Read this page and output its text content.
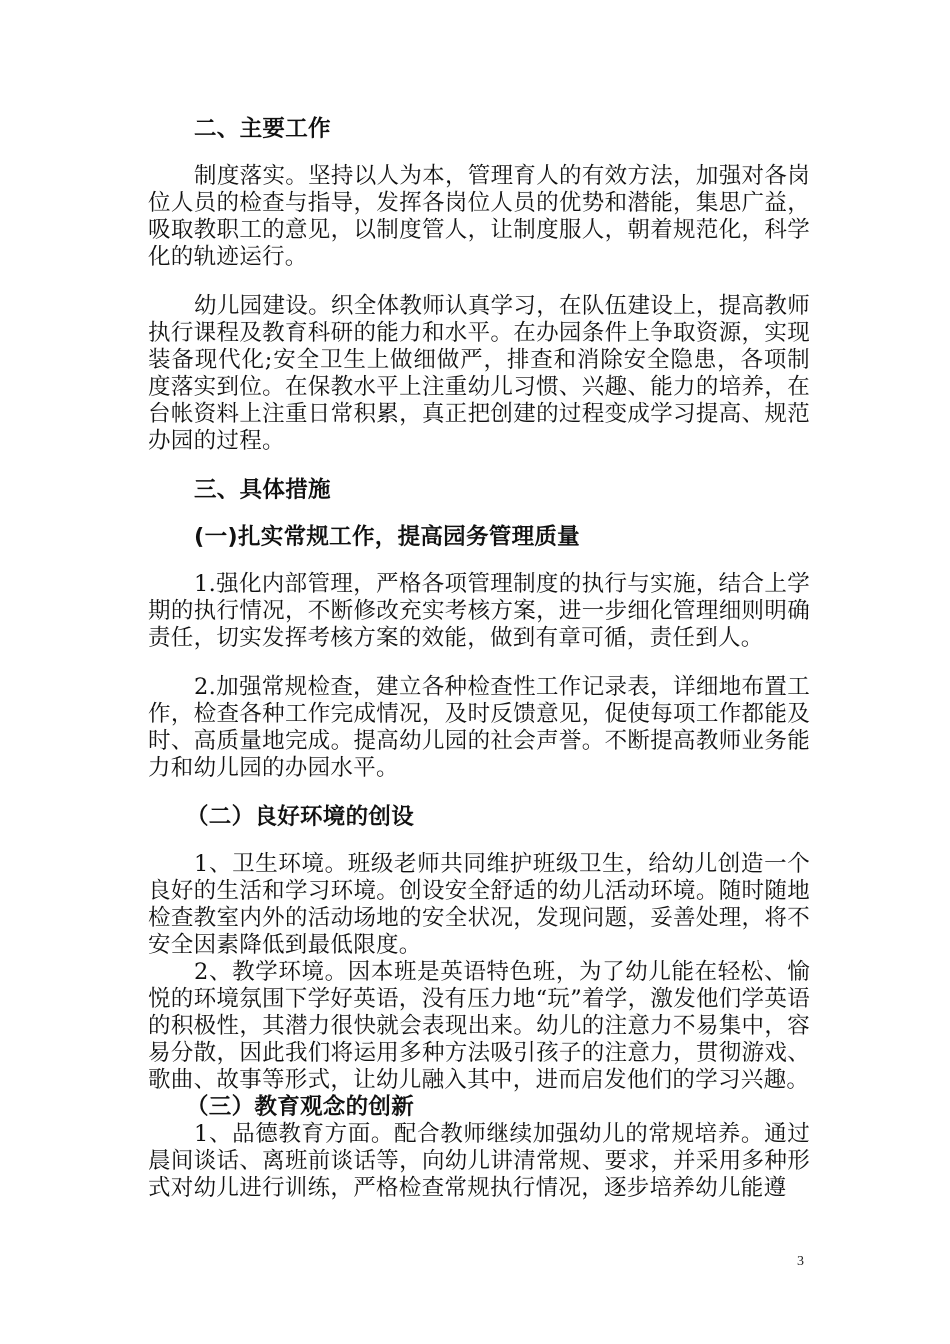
二、主要工作

制度落实。坚持以人为本，管理育人的有效方法，加强对各岗位人员的检查与指导，发挥各岗位人员的优势和潜能，集思广益，吸取教职工的意见，以制度管人，让制度服人，朝着规范化，科学化的轨迹运行。

幼儿园建设。织全体教师认真学习，在队伍建设上，提高教师执行课程及教育科研的能力和水平。在办园条件上争取资源，实现装备现代化;安全卫生上做细做严，排查和消除安全隐患，各项制度落实到位。在保教水平上注重幼儿习惯、兴趣、能力的培养，在台帐资料上注重日常积累，真正把创建的过程变成学习提高、规范办园的过程。

三、具体措施

(一)扎实常规工作，提高园务管理质量

1.强化内部管理，严格各项管理制度的执行与实施，结合上学期的执行情况，不断修改充实考核方案，进一步细化管理细则明确责任，切实发挥考核方案的效能，做到有章可循，责任到人。

2.加强常规检查，建立各种检查性工作记录表，详细地布置工作，检查各种工作完成情况，及时反馈意见，促使每项工作都能及时、高质量地完成。提高幼儿园的社会声誉。不断提高教师业务能力和幼儿园的办园水平。

（二）良好环境的创设

1、卫生环境。班级老师共同维护班级卫生，给幼儿创造一个良好的生活和学习环境。创设安全舒适的幼儿活动环境。随时随地检查教室内外的活动场地的安全状况，发现问题，妥善处理，将不安全因素降低到最低限度。

2、教学环境。因本班是英语特色班，为了幼儿能在轻松、愉悦的环境氛围下学好英语，没有压力地“玩”着学，激发他们学英语的积极性，其潜力很快就会表现出来。幼儿的注意力不易集中，容易分散，因此我们将运用多种方法吸引孩子的注意力，贯彻游戏、歌曲、故事等形式，让幼儿融入其中，进而启发他们的学习兴趣。

（三）教育观念的创新

1、品德教育方面。配合教师继续加强幼儿的常规培养。通过晨间谈话、离班前谈话等，向幼儿讲清常规、要求，并采用多种形式对幼儿进行训练，严格检查常规执行情况，逐步培养幼儿能遵

3
